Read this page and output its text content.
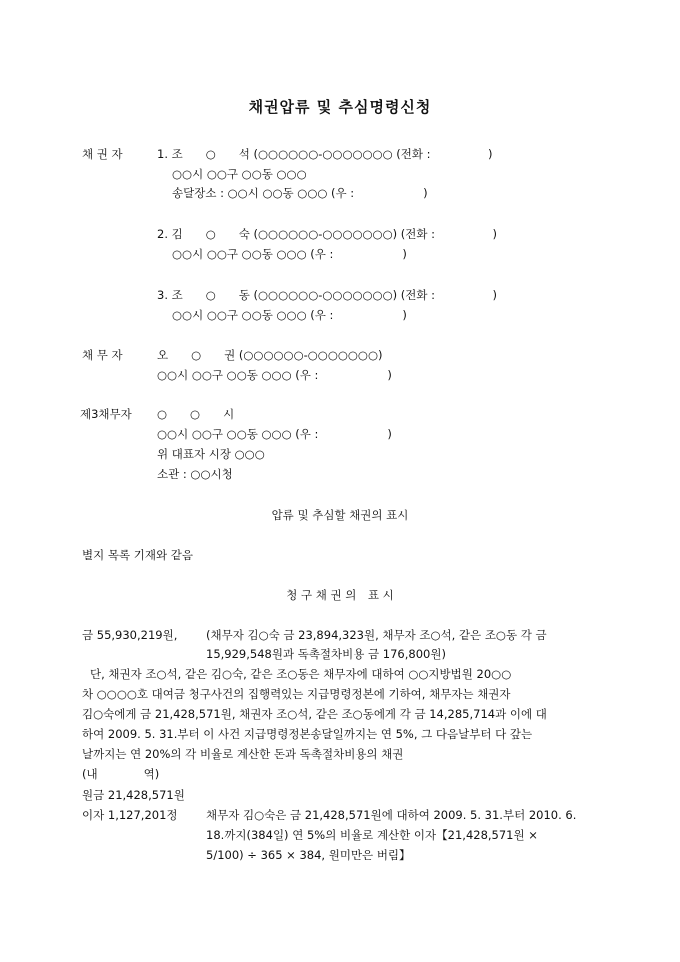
채권압류 및 추심명령신청
채 권 자	1. 조　　○　　석 (○○○○○○-○○○○○○○ (전화 :　　　　　)
○○시 ○○구 ○○동 ○○○
송달장소 : ○○시 ○○동 ○○○ (우 :　　　　　　)
2. 김　　○　　숙 (○○○○○○-○○○○○○○) (전화 :　　　　　)
○○시 ○○구 ○○동 ○○○ (우 :　　　　　　)
3. 조　　○　　동 (○○○○○○-○○○○○○○) (전화 :　　　　　)
○○시 ○○구 ○○동 ○○○ (우 :　　　　　　)
채 무 자	오　　○　　권 (○○○○○○-○○○○○○○)
○○시 ○○구 ○○동 ○○○ (우 :　　　　　　)
제3채무자 ○　　○　　시
○○시 ○○구 ○○동 ○○○ (우 :　　　　　　)
위 대표자 시장 ○○○
소관 : ○○시청
압류 및 추심할 채권의 표시
별지 목록 기재와 같음
청 구 채 권 의　표 시
금 55,930,219원, (채무자 김○숙 금 23,894,323원, 채무자 조○석, 같은 조○동 각 금
15,929,548원과 독촉절차비용 금 176,800원)
단, 채권자 조○석, 같은 김○숙, 같은 조○동은 채무자에 대하여 ○○지방법원 20○○
차 ○○○○호 대여금 청구사건의 집행력있는 지급명령정본에 기하여, 채무자는 채권자
김○숙에게 금 21,428,571원, 채권자 조○석, 같은 조○동에게 각 금 14,285,714과 이에 대
하여 2009. 5. 31.부터 이 사건 지급명령정본송달일까지는 연 5%, 그 다음날부터 다 갚는
날까지는 연 20%의 각 비율로 계산한 돈과 독촉절차비용의 채권
(내　　　　역)
원금 21,428,571원
이자 1,127,201정 채무자 김○숙은 금 21,428,571원에 대하여 2009. 5. 31.부터 2010. 6.
18.까지(384일) 연 5%의 비율로 계산한 이자【21,428,571원 ×
5/100) ÷ 365 × 384, 원미만은 버림】
